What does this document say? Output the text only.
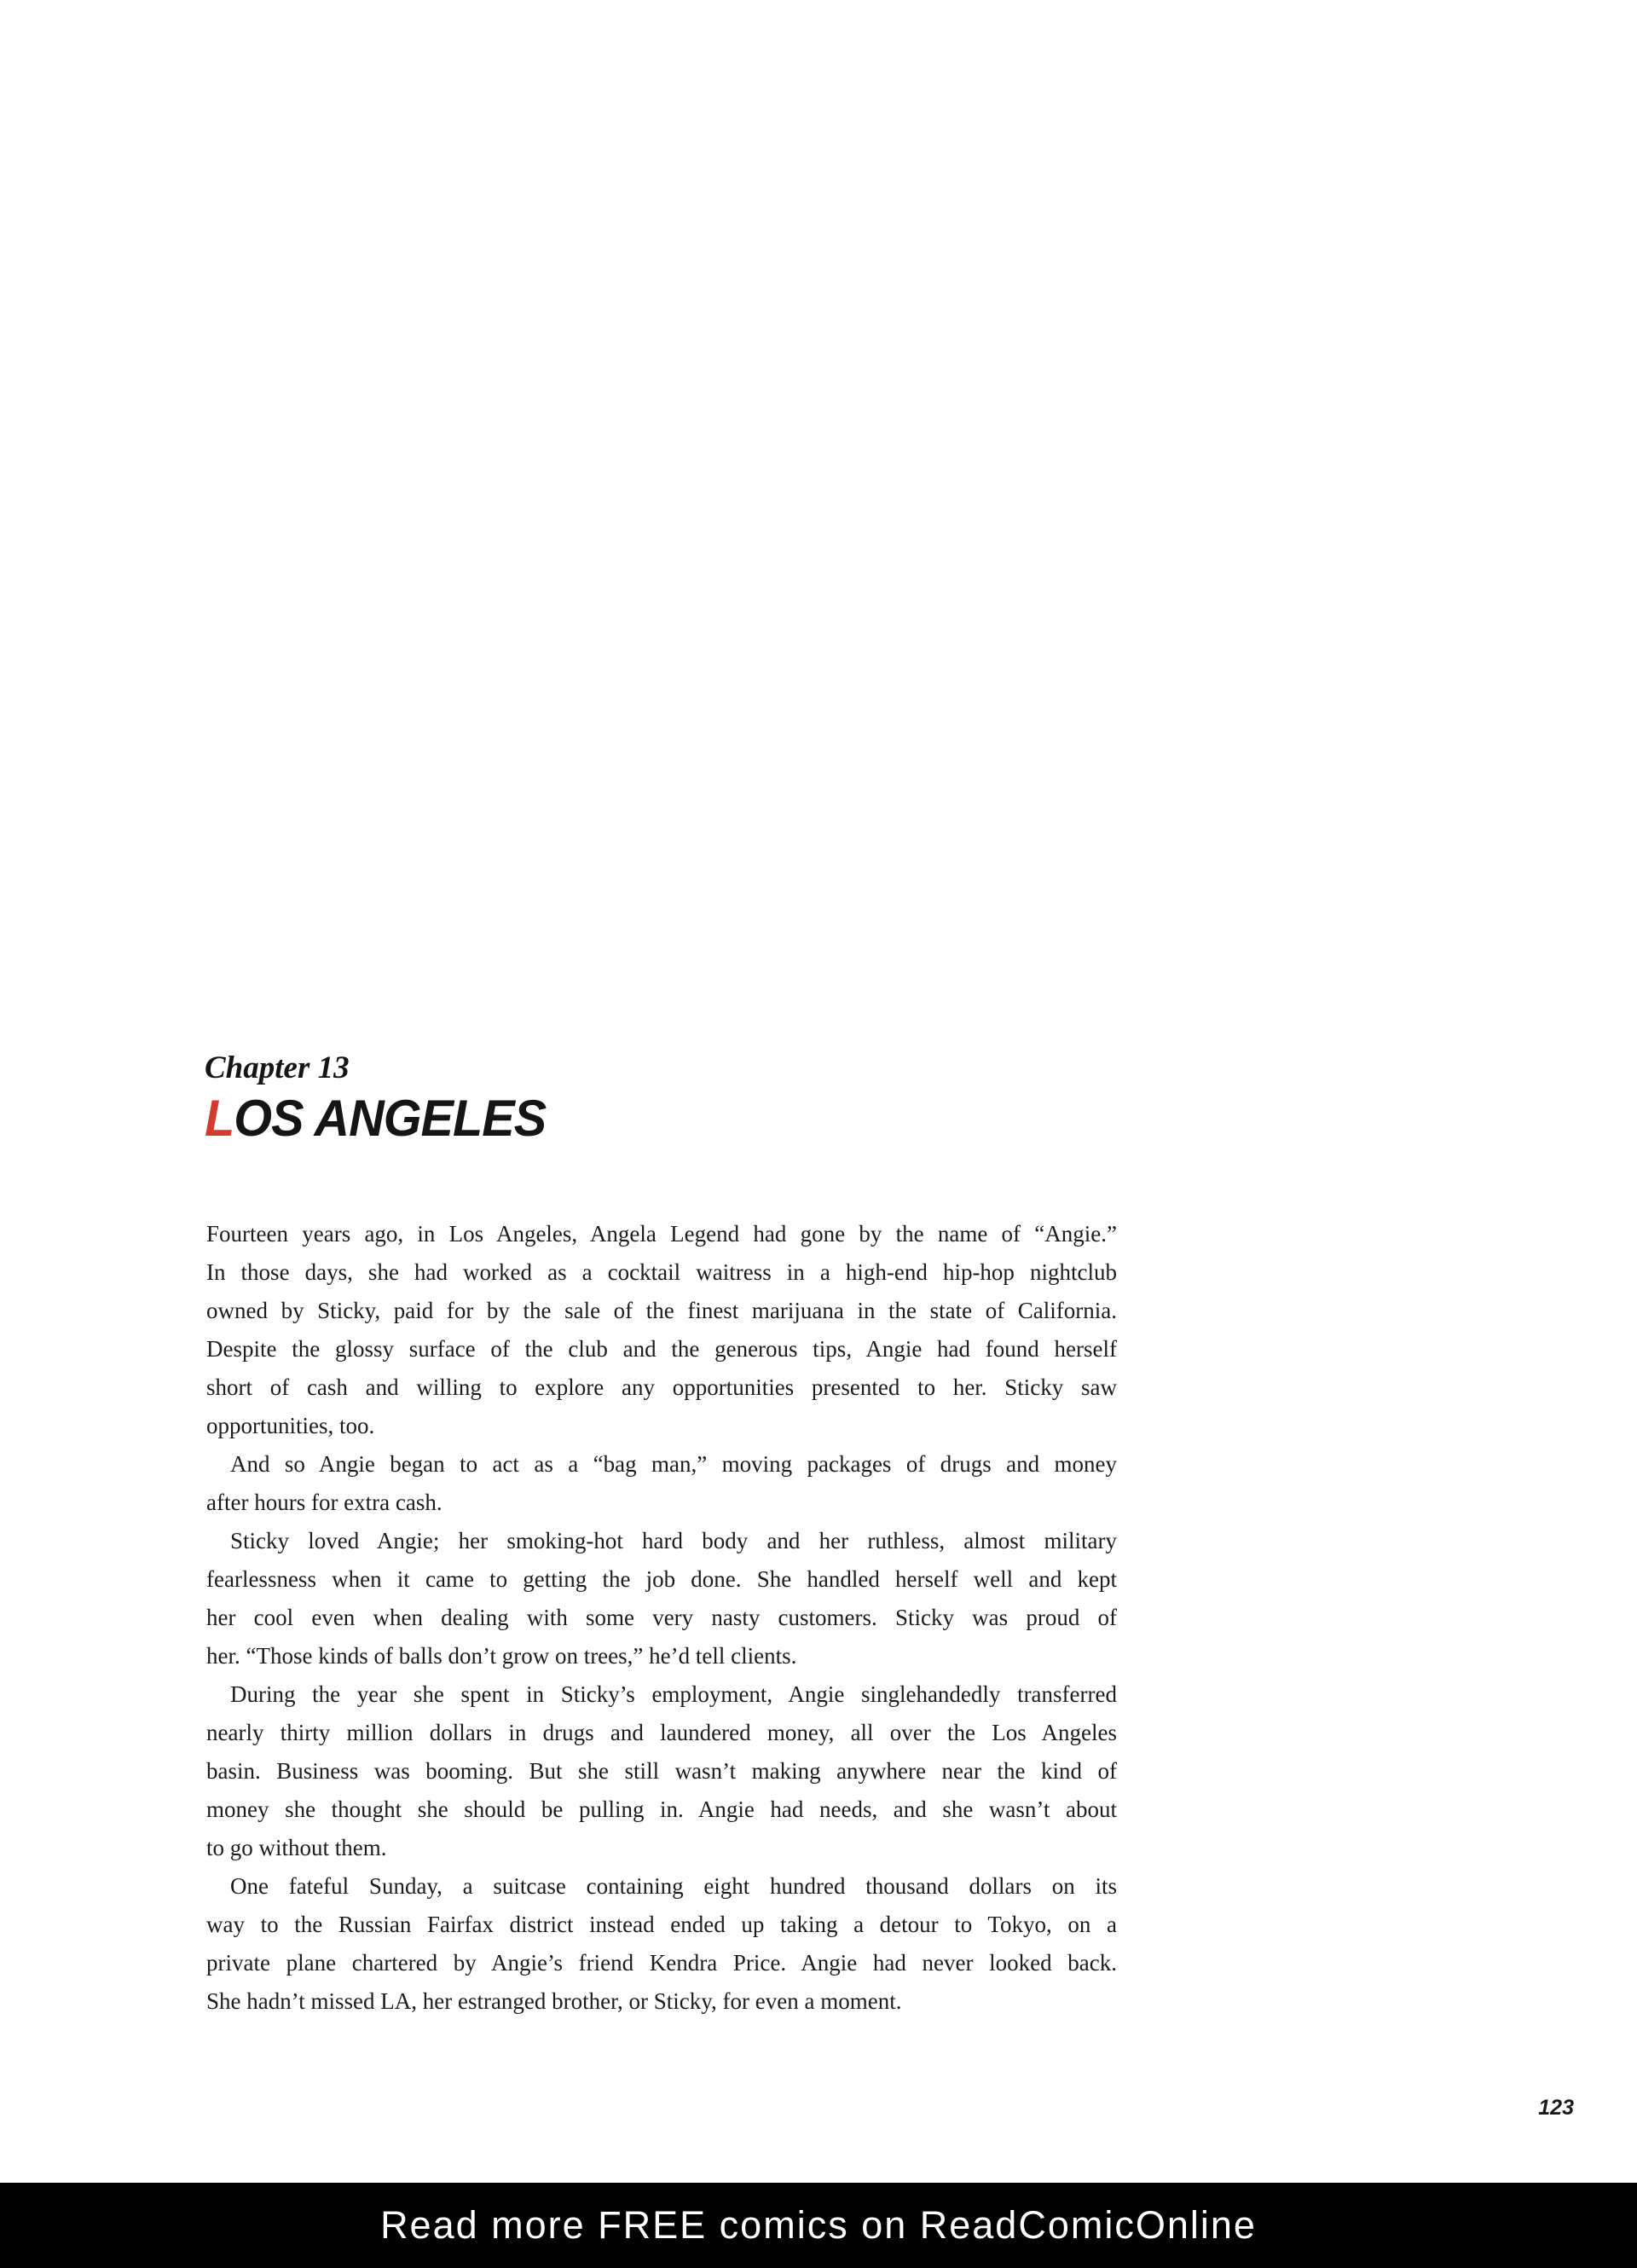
Chapter 13
LOS ANGELES
Fourteen years ago, in Los Angeles, Angela Legend had gone by the name of “Angie.”
In those days, she had worked as a cocktail waitress in a high-end hip-hop nightclub
owned by Sticky, paid for by the sale of the finest marijuana in the state of California.
Despite the glossy surface of the club and the generous tips, Angie had found herself
short of cash and willing to explore any opportunities presented to her. Sticky saw
opportunities, too.
And so Angie began to act as a “bag man,” moving packages of drugs and money
after hours for extra cash.
Sticky loved Angie; her smoking-hot hard body and her ruthless, almost military
fearlessness when it came to getting the job done. She handled herself well and kept
her cool even when dealing with some very nasty customers. Sticky was proud of
her. “Those kinds of balls don’t grow on trees,” he’d tell clients.
During the year she spent in Sticky’s employment, Angie singlehandedly transferred
nearly thirty million dollars in drugs and laundered money, all over the Los Angeles
basin. Business was booming. But she still wasn’t making anywhere near the kind of
money she thought she should be pulling in. Angie had needs, and she wasn’t about
to go without them.
One fateful Sunday, a suitcase containing eight hundred thousand dollars on its
way to the Russian Fairfax district instead ended up taking a detour to Tokyo, on a
private plane chartered by Angie’s friend Kendra Price. Angie had never looked back.
She hadn’t missed LA, her estranged brother, or Sticky, for even a moment.
123
Read more FREE comics on ReadComicOnline
